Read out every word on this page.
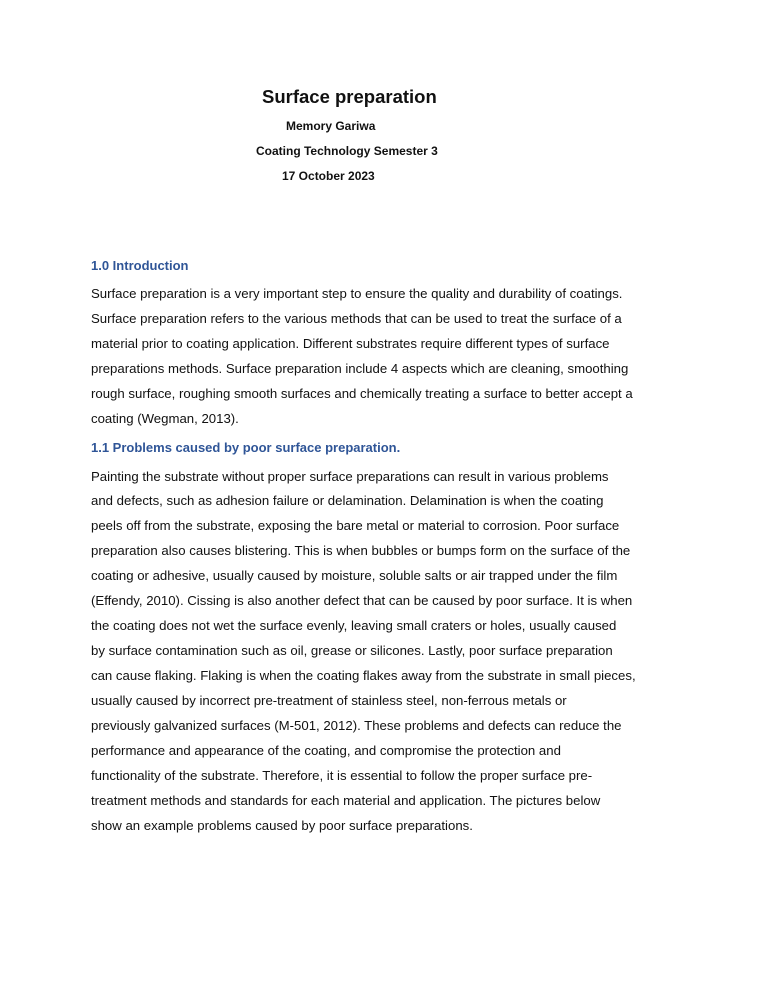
Surface preparation
Memory Gariwa
Coating Technology Semester 3
17 October 2023
1.0 Introduction
Surface preparation is a very important step to ensure the quality and durability of coatings.
Surface preparation refers to the various methods that can be used to treat the surface of a
material prior to coating application. Different substrates require different types of surface
preparations methods. Surface preparation include 4 aspects which are cleaning, smoothing
rough surface, roughing smooth surfaces and chemically treating a surface to better accept a
coating (Wegman, 2013).
1.1 Problems caused by poor surface preparation.
Painting the substrate without proper surface preparations can result in various problems
and defects, such as adhesion failure or delamination. Delamination is when the coating
peels off from the substrate, exposing the bare metal or material to corrosion. Poor surface
preparation also causes blistering. This is when bubbles or bumps form on the surface of the
coating or adhesive, usually caused by moisture, soluble salts or air trapped under the film
(Effendy, 2010). Cissing is also another defect that can be caused by poor surface. It is when
the coating does not wet the surface evenly, leaving small craters or holes, usually caused
by surface contamination such as oil, grease or silicones. Lastly, poor surface preparation
can cause flaking. Flaking is when the coating flakes away from the substrate in small pieces,
usually caused by incorrect pre-treatment of stainless steel, non-ferrous metals or
previously galvanized surfaces (M-501, 2012). These problems and defects can reduce the
performance and appearance of the coating, and compromise the protection and
functionality of the substrate. Therefore, it is essential to follow the proper surface pre-
treatment methods and standards for each material and application. The pictures below
show an example problems caused by poor surface preparations.
